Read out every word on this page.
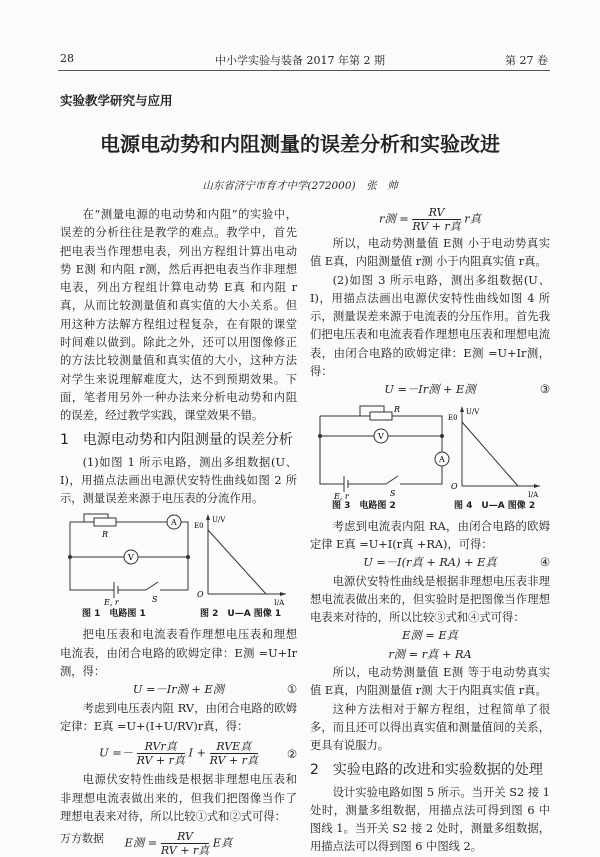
28	中小学实验与装备 2017 年第 2 期	第 27 卷
实验教学研究与应用
电源电动势和内阻测量的误差分析和实验改进
山东省济宁市育才中学(272000)　张　帅

在“测量电源的电动势和内阻”的实验中，误差的分析往往是教学的难点。教学中，首先把电表当作理想电表，列出方程组计算出电动势 E测 和内阻 r测，然后再把电表当作非理想电表，列出方程组计算电动势 E真 和内阻 r真，从而比较测量值和真实值的大小关系。但用这种方法解方程组过程复杂，在有限的课堂时间难以做到。除此之外，还可以用图像修正的方法比较测量值和真实值的大小，这种方法对学生来说理解难度大，达不到预期效果。下面，笔者用另外一种办法来分析电动势和内阻的误差，经过教学实践，课堂效果不错。

1　电源电动势和内阻测量的误差分析

(1)如图 1 所示电路，测出多组数据(U、I)，用描点法画出电源伏安特性曲线如图 2 所示，测量误差来源于电压表的分流作用。

A
V
R
E, r	S
E0
U/V
O
I/A
图 1　电路图 1	图 2　U—A 图像 1

把电压表和电流表看作理想电压表和理想电流表，由闭合电路的欧姆定律：E测 =U+Ir测，得：

U =－Ir测 + E测	①

考虑到电压表内阻 RV，由闭合电路的欧姆定律：E真 =U+(I+U/RV)r真，得：

U =－	RVr真
RV + r真
I + RVE真
RV + r真	②

电源伏安特性曲线是根据非理想电压表和非理想电流表做出来的，但我们把图像当作了理想电表来对待，所以比较①式和②式可得：

E测 =	RV
RV + r真
E真
r测 =	RV
RV + r真
r真

所以，电动势测量值 E测 小于电动势真实值 E真，内阻测量值 r测 小于内阻真实值 r真。

(2)如图 3 所示电路，测出多组数据(U、I)，用描点法画出电源伏安特性曲线如图 4 所示，测量误差来源于电流表的分压作用。首先我们把电压表和电流表看作理想电压表和理想电流表，由闭合电路的欧姆定律：E测 =U+Ir测，得：

U =－Ir测 + E测	③
V
A
R
E, r	S
E0
U/V
O
I/A
图 3　电路图 2	图 4　U—A 图像 2

考虑到电流表内阻 RA，由闭合电路的欧姆定律 E真 =U+I(r真 +RA)，可得：

U =－I(r真 + RA) + E真	④

电源伏安特性曲线是根据非理想电压表非理想电流表做出来的，但实验时是把图像当作理想电表来对待的，所以比较③式和④式可得：

E测 = E真
r测 = r真 + RA

所以，电动势测量值 E测 等于电动势真实值 E真，内阻测量值 r测 大于内阻真实值 r真。

这种方法相对于解方程组，过程简单了很多，而且还可以得出真实值和测量值间的关系，更具有说服力。

2　实验电路的改进和实验数据的处理

设计实验电路如图 5 所示。当开关 S2 接 1 处时，测量多组数据，用描点法可得到图 6 中图线 1。当开关 S2 接 2 处时，测量多组数据，用描点法可以得到图 6 中图线 2。

万方数据
